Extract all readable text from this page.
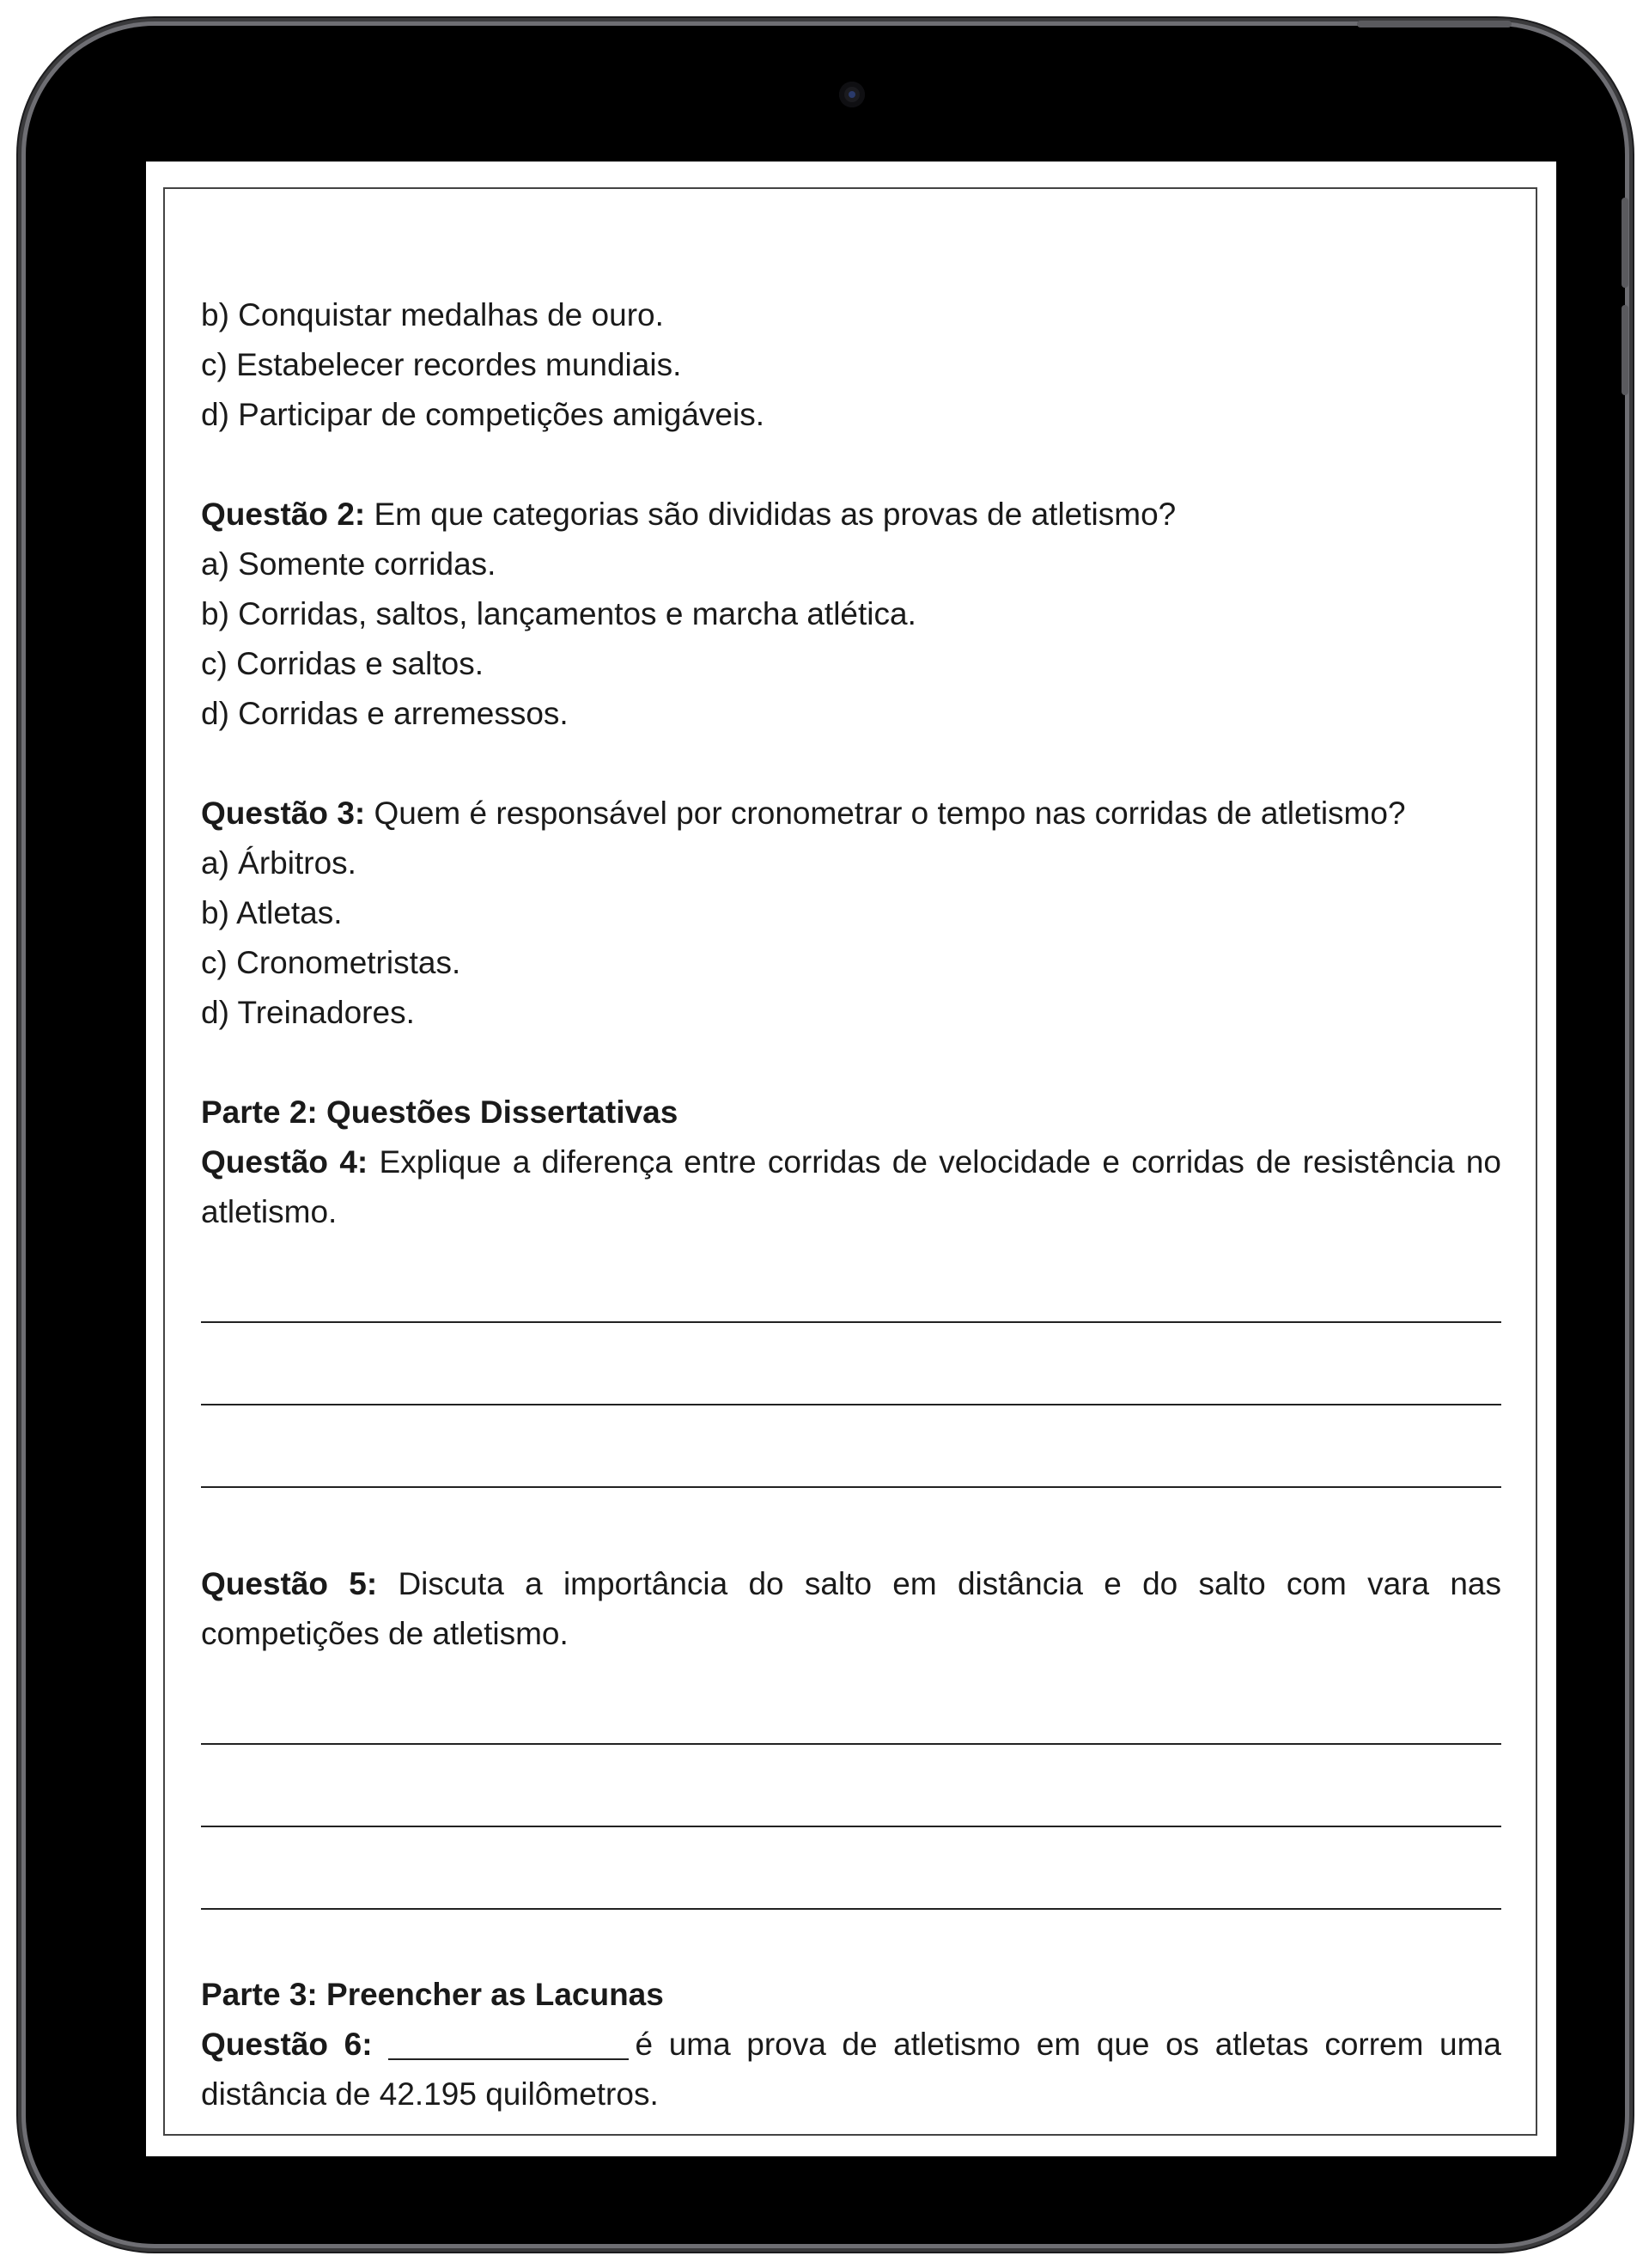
b) Conquistar medalhas de ouro.
c) Estabelecer recordes mundiais.
d) Participar de competições amigáveis.
Questão 2: Em que categorias são divididas as provas de atletismo?
a) Somente corridas.
b) Corridas, saltos, lançamentos e marcha atlética.
c) Corridas e saltos.
d) Corridas e arremessos.
Questão 3: Quem é responsável por cronometrar o tempo nas corridas de atletismo?
a) Árbitros.
b) Atletas.
c) Cronometristas.
d) Treinadores.
Parte 2: Questões Dissertativas
Questão 4: Explique a diferença entre corridas de velocidade e corridas de resistência no atletismo.
Questão 5: Discuta a importância do salto em distância e do salto com vara nas competições de atletismo.
Parte 3: Preencher as Lacunas
Questão 6:	é uma prova de atletismo em que os atletas correm uma distância de 42.195 quilômetros.
